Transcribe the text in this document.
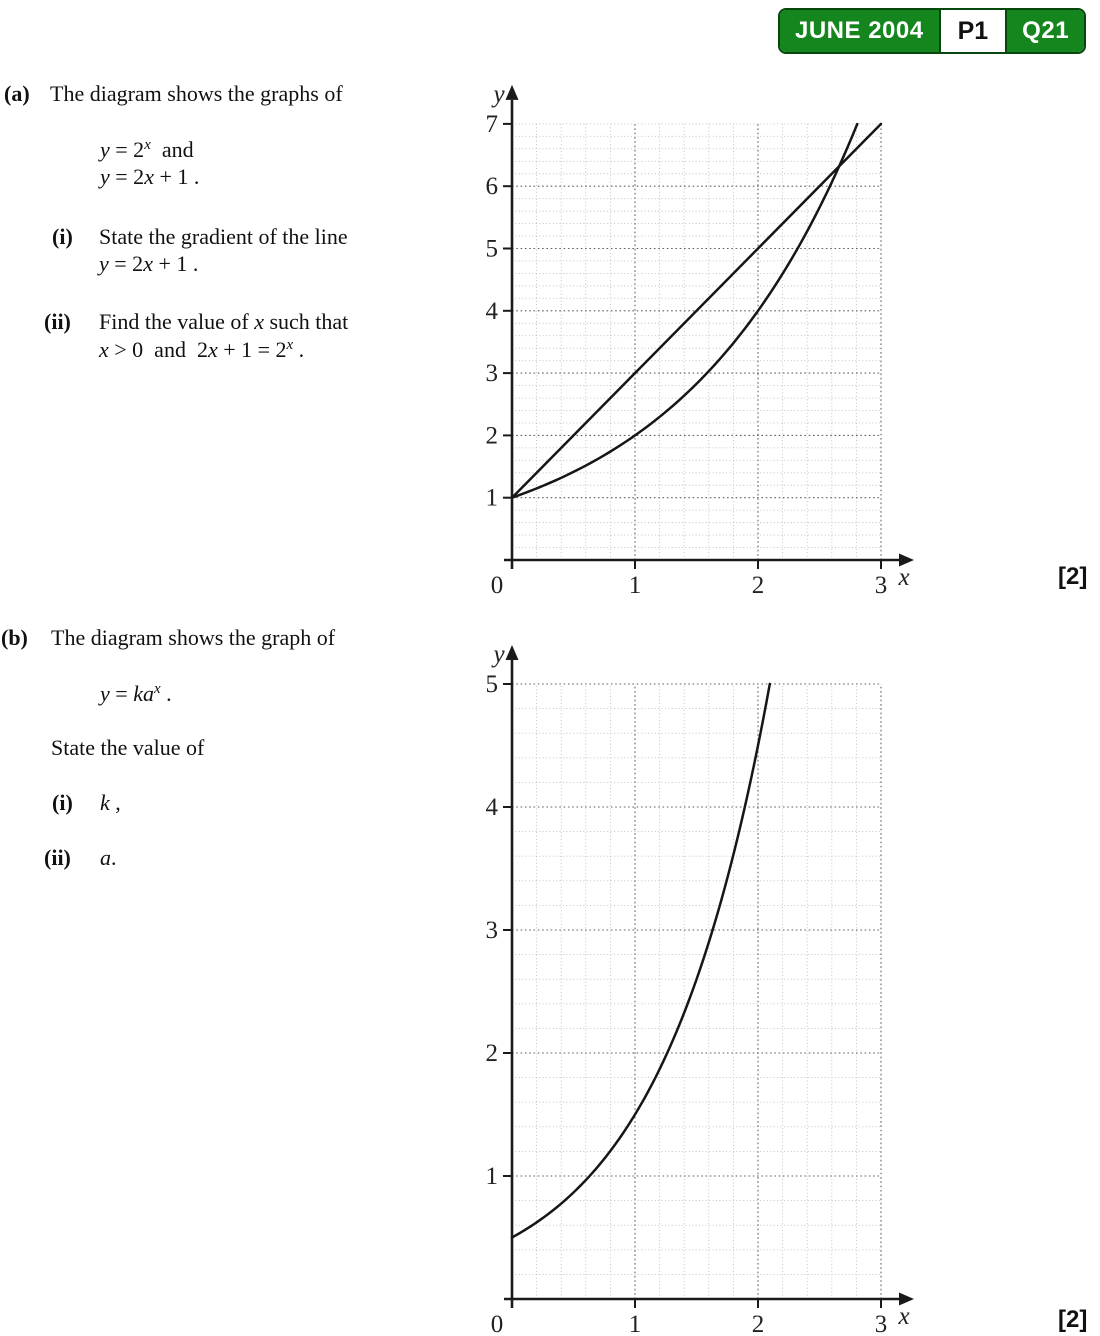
JUNE 2004	P1	Q21
(a) The diagram shows the graphs of
$y = 2^x$  and
y = 2x + 1 .
(i) State the gradient of the line
y = 2x + 1 .
(ii) Find the value of x such that
x > 0  and  $2x + 1 = 2^x$ .
(b) The diagram shows the graph of
$y = ka^x$ .
State the value of
(i) k ,
(ii) a.
0	1	2	3
1
2
3
4
5
6
7
y
x
0	1	2	3
1
2
3
4
5
y
x
[2]
[2]
